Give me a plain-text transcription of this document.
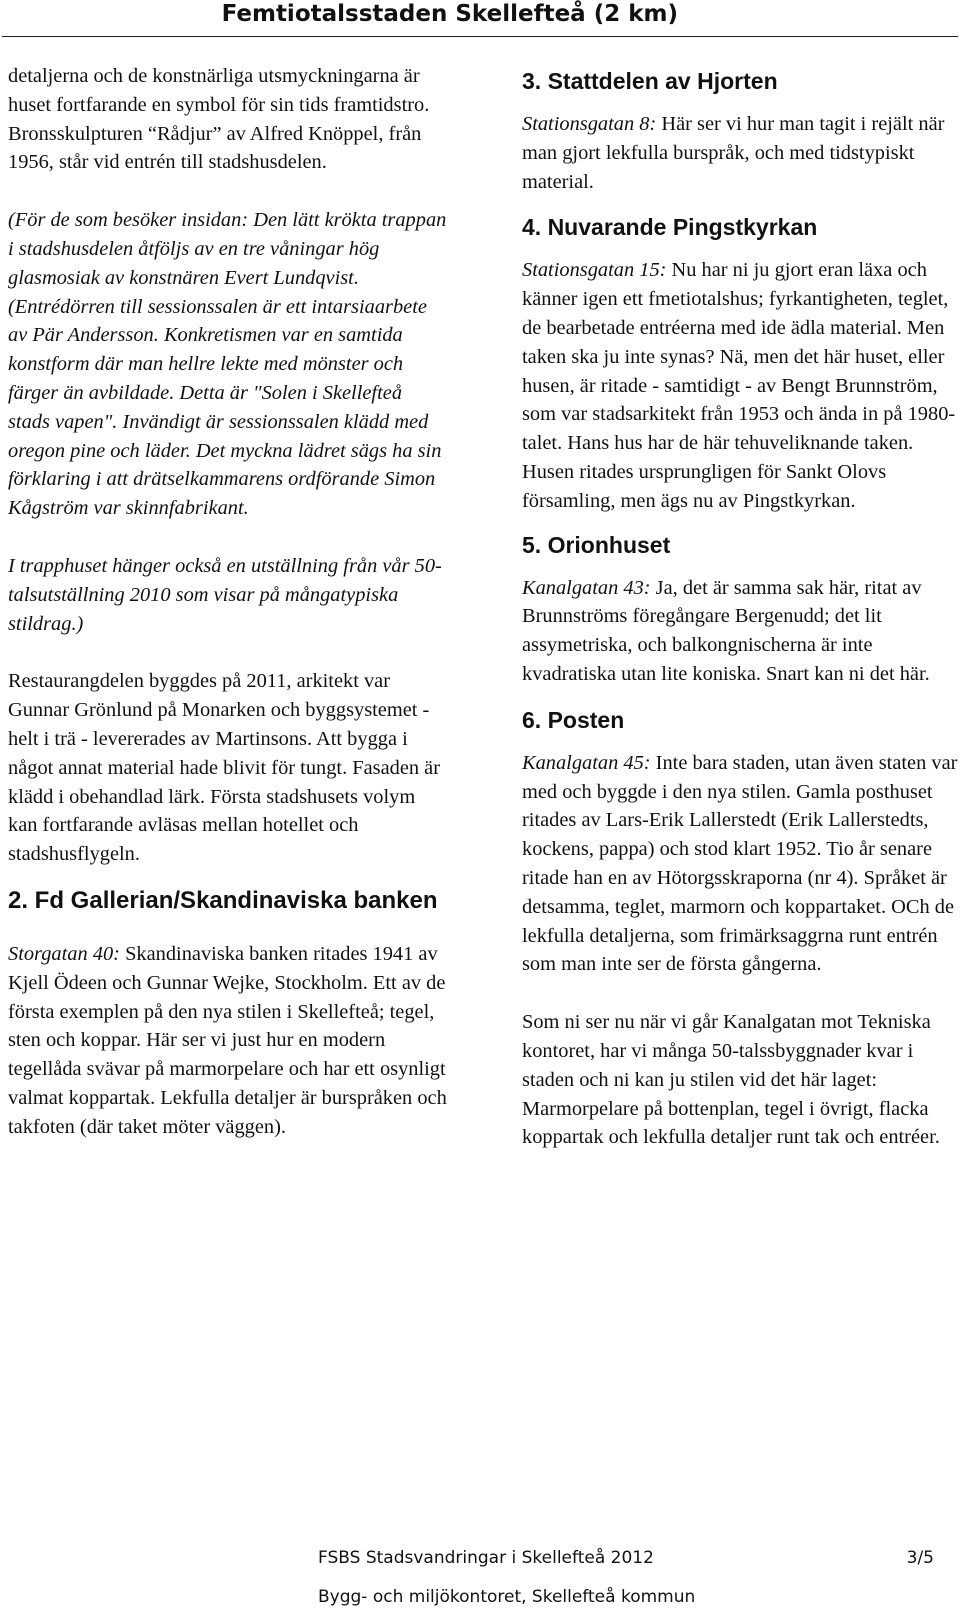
Femtiotalsstaden Skellefteå (2 km)

detaljerna och de konstnärliga utsmyckningarna är huset fortfarande en symbol för sin tids framtidstro. Bronsskulpturen “Rådjur” av Alfred Knöppel, från 1956, står vid entrén till stadshusdelen.

(För de som besöker insidan: Den lätt krökta trappan i stadshusdelen åtföljs av en tre våningar hög glasmosiak av konstnären Evert Lundqvist. (Entrédörren till sessionssalen är ett intarsiaarbete av Pär Andersson. Konkretismen var en samtida konstform där man hellre lekte med mönster och färger än avbildade. Detta är "Solen i Skellefteå stads vapen". Invändigt är sessionssalen klädd med oregon pine och läder. Det myckna lädret sägs ha sin förklaring i att drätselkammarens ordförande Simon Kågström var skinnfabrikant.

I trapphuset hänger också en utställning från vår 50-talsutställning 2010 som visar på mångatypiska stildrag.)

Restaurangdelen byggdes på 2011, arkitekt var Gunnar Grönlund på Monarken och byggsystemet - helt i trä - levererades av Martinsons. Att bygga i något annat material hade blivit för tungt. Fasaden är klädd i obehandlad lärk. Första stadshusets volym kan fortfarande avläsas mellan hotellet och stadshusflygeln.

2. Fd Gallerian/Skandinaviska banken

Storgatan 40: Skandinaviska banken ritades 1941 av Kjell Ödeen och Gunnar Wejke, Stockholm. Ett av de första exemplen på den nya stilen i Skellefteå; tegel, sten och koppar. Här ser vi just hur en modern tegellåda svävar på marmorpelare och har ett osynligt valmat koppartak. Lekfulla detaljer är burspråken och takfoten (där taket möter väggen).

3. Stattdelen av Hjorten

Stationsgatan 8: Här ser vi hur man tagit i rejält när man gjort lekfulla burspråk, och med tidstypiskt material.

4. Nuvarande Pingstkyrkan

Stationsgatan 15: Nu har ni ju gjort eran läxa och känner igen ett fmetiotalshus; fyrkantigheten, teglet, de bearbetade entréerna med ide ädla material. Men taken ska ju inte synas? Nä, men det här huset, eller husen, är ritade - samtidigt - av Bengt Brunnström, som var stadsarkitekt från 1953 och ända in på 1980-talet. Hans hus har de här tehuveliknande taken. Husen ritades ursprungligen för Sankt Olovs församling, men ägs nu av Pingstkyrkan.

5. Orionhuset

Kanalgatan 43: Ja, det är samma sak här, ritat av Brunnströms föregångare Bergenudd; det lit assymetriska, och balkongnischerna är inte kvadratiska utan lite koniska. Snart kan ni det här.

6. Posten

Kanalgatan 45: Inte bara staden, utan även staten var med och byggde i den nya stilen. Gamla posthuset ritades av Lars-Erik Lallerstedt (Erik Lallerstedts, kockens, pappa) och stod klart 1952. Tio år senare ritade han en av Hötorgsskraporna (nr 4). Språket är detsamma, teglet, marmorn och koppartaket. OCh de lekfulla detaljerna, som frimärksaggrna runt entrén som man inte ser de första gångerna.

Som ni ser nu när vi går Kanalgatan mot Tekniska kontoret, har vi många 50-talssbyggnader kvar i staden och ni kan ju stilen vid det här laget: Marmorpelare på bottenplan, tegel i övrigt, flacka koppartak och lekfulla detaljer runt tak och entréer.

FSBS Stadsvandringar i Skellefteå 2012	3/5
Bygg- och miljökontoret, Skellefteå kommun
